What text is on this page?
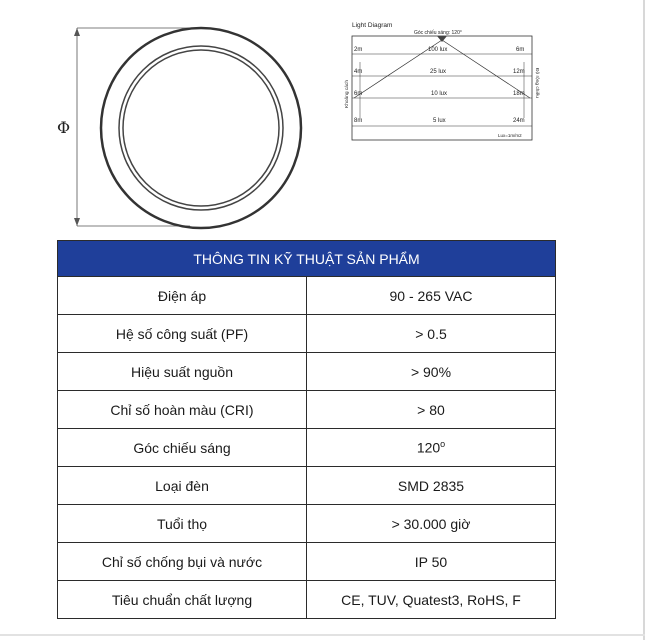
Φ
Light Diagram
Góc chiếu sáng: 120°
Khoảng cách	Độ rộng chiếu
2m	100 lux	6m
4m	25 lux	12m
6m	10 lux	18m
8m	5 lux	24m
Lux=1m/m2
THÔNG TIN KỸ THUẬT SẢN PHẨM	
Điện áp	90 - 265 VAC
Hệ số công suất (PF)	> 0.5
Hiệu suất nguồn	> 90%
Chỉ số hoàn màu (CRI)	> 80
Góc chiếu sáng	120$^o$
Loại đèn	SMD 2835
Tuổi thọ	> 30.000 giờ
Chỉ số chống bụi và nước	IP 50
Tiêu chuẩn chất lượng	CE, TUV, Quatest3, RoHS, F
